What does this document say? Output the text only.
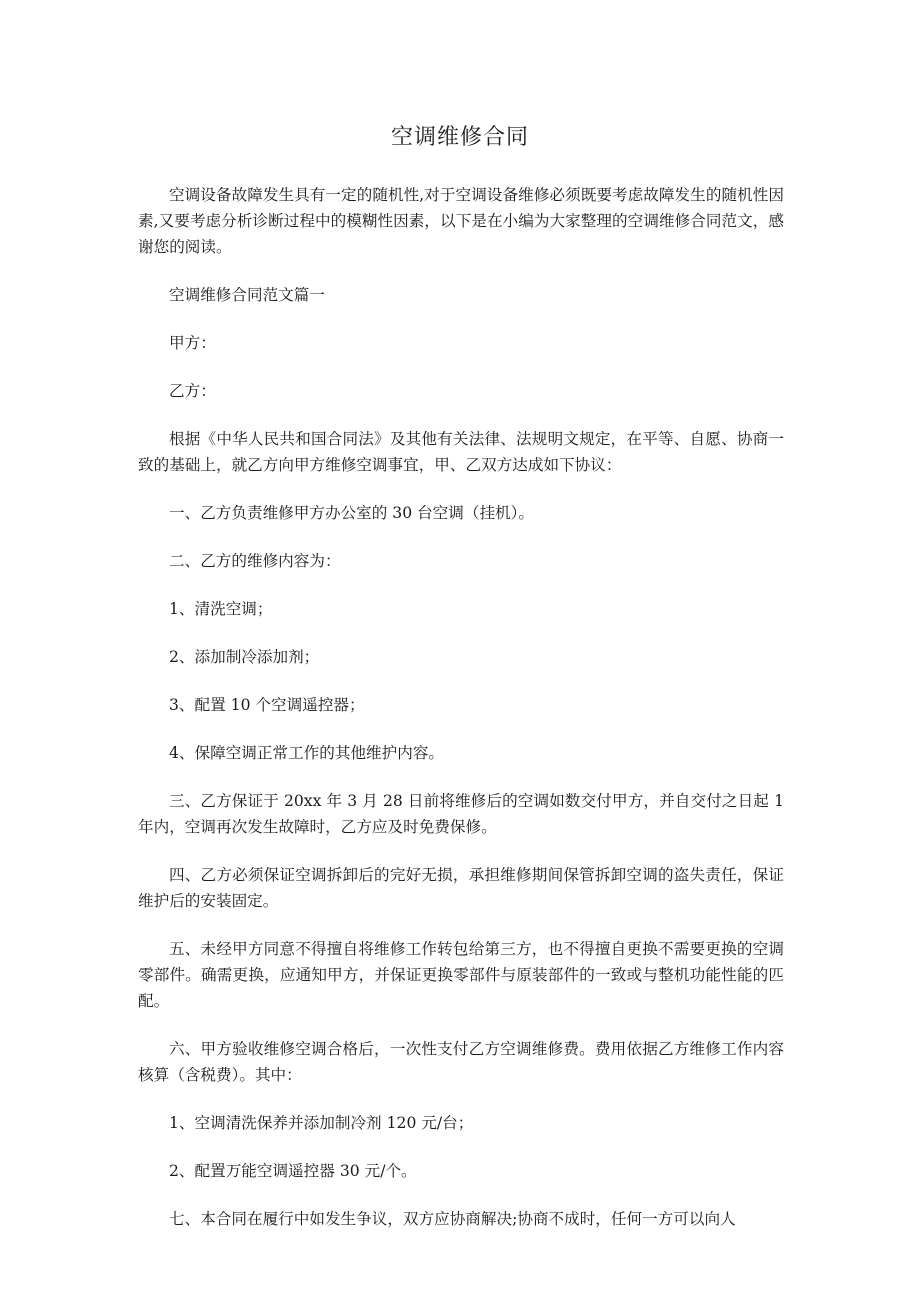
空调维修合同

空调设备故障发生具有一定的随机性,对于空调设备维修必须既要考虑故障发生的随机性因素,又要考虑分析诊断过程中的模糊性因素，以下是在小编为大家整理的空调维修合同范文，感谢您的阅读。

空调维修合同范文篇一

甲方：

乙方：

根据《中华人民共和国合同法》及其他有关法律、法规明文规定，在平等、自愿、协商一致的基础上，就乙方向甲方维修空调事宜，甲、乙双方达成如下协议：

一、乙方负责维修甲方办公室的 30 台空调（挂机）。

二、乙方的维修内容为：

1、清洗空调；

2、添加制冷添加剂；

3、配置 10 个空调遥控器；

4、保障空调正常工作的其他维护内容。

三、乙方保证于 20xx 年 3 月 28 日前将维修后的空调如数交付甲方，并自交付之日起 1 年内，空调再次发生故障时，乙方应及时免费保修。

四、乙方必须保证空调拆卸后的完好无损，承担维修期间保管拆卸空调的盗失责任，保证维护后的安装固定。

五、未经甲方同意不得擅自将维修工作转包给第三方，也不得擅自更换不需要更换的空调零部件。确需更换，应通知甲方，并保证更换零部件与原装部件的一致或与整机功能性能的匹配。

六、甲方验收维修空调合格后，一次性支付乙方空调维修费。费用依据乙方维修工作内容核算（含税费）。其中：

1、空调清洗保养并添加制冷剂 120 元/台；

2、配置万能空调遥控器 30 元/个。

七、本合同在履行中如发生争议，双方应协商解决;协商不成时，任何一方可以向人
